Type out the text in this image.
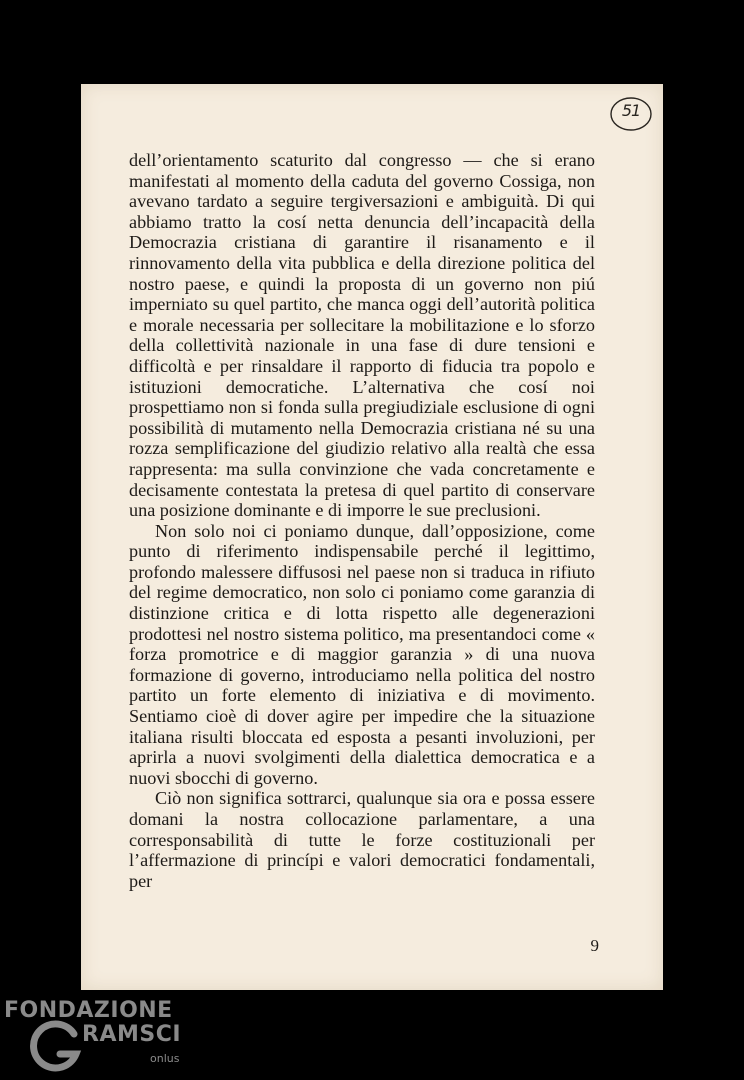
51

dell’orientamento scaturito dal congresso — che si erano manifestati al momento della caduta del governo Cossiga, non avevano tardato a seguire tergiversazioni e ambiguità. Di qui abbiamo tratto la cosí netta denuncia dell’incapacità della Democrazia cristiana di garantire il risanamento e il rinnovamento della vita pubblica e della direzione politica del nostro paese, e quindi la proposta di un governo non piú imperniato su quel partito, che manca oggi dell’autorità politica e morale necessaria per sollecitare la mobilitazione e lo sforzo della collettività nazionale in una fase di dure tensioni e difficoltà e per rinsaldare il rapporto di fiducia tra popolo e istituzioni democratiche. L’alternativa che cosí noi prospettiamo non si fonda sulla pregiudiziale esclusione di ogni possibilità di mutamento nella Democrazia cristiana né su una rozza semplificazione del giudizio relativo alla realtà che essa rappresenta: ma sulla convinzione che vada concretamente e decisamente contestata la pretesa di quel partito di conservare una posizione dominante e di imporre le sue preclusioni.

Non solo noi ci poniamo dunque, dall’opposizione, come punto di riferimento indispensabile perché il legittimo, profondo malessere diffusosi nel paese non si traduca in rifiuto del regime democratico, non solo ci poniamo come garanzia di distinzione critica e di lotta rispetto alle degenerazioni prodottesi nel nostro sistema politico, ma presentandoci come « forza promotrice e di maggior garanzia » di una nuova formazione di governo, introduciamo nella politica del nostro partito un forte elemento di iniziativa e di movimento. Sentiamo cioè di dover agire per impedire che la situazione italiana risulti bloccata ed esposta a pesanti involuzioni, per aprirla a nuovi svolgimenti della dialettica democratica e a nuovi sbocchi di governo.

Ciò non significa sottrarci, qualunque sia ora e possa essere domani la nostra collocazione parlamentare, a una corresponsabilità di tutte le forze costituzionali per l’affermazione di princípi e valori democratici fondamentali, per

9
FONDAZIONE
RAMSCI
onlus
